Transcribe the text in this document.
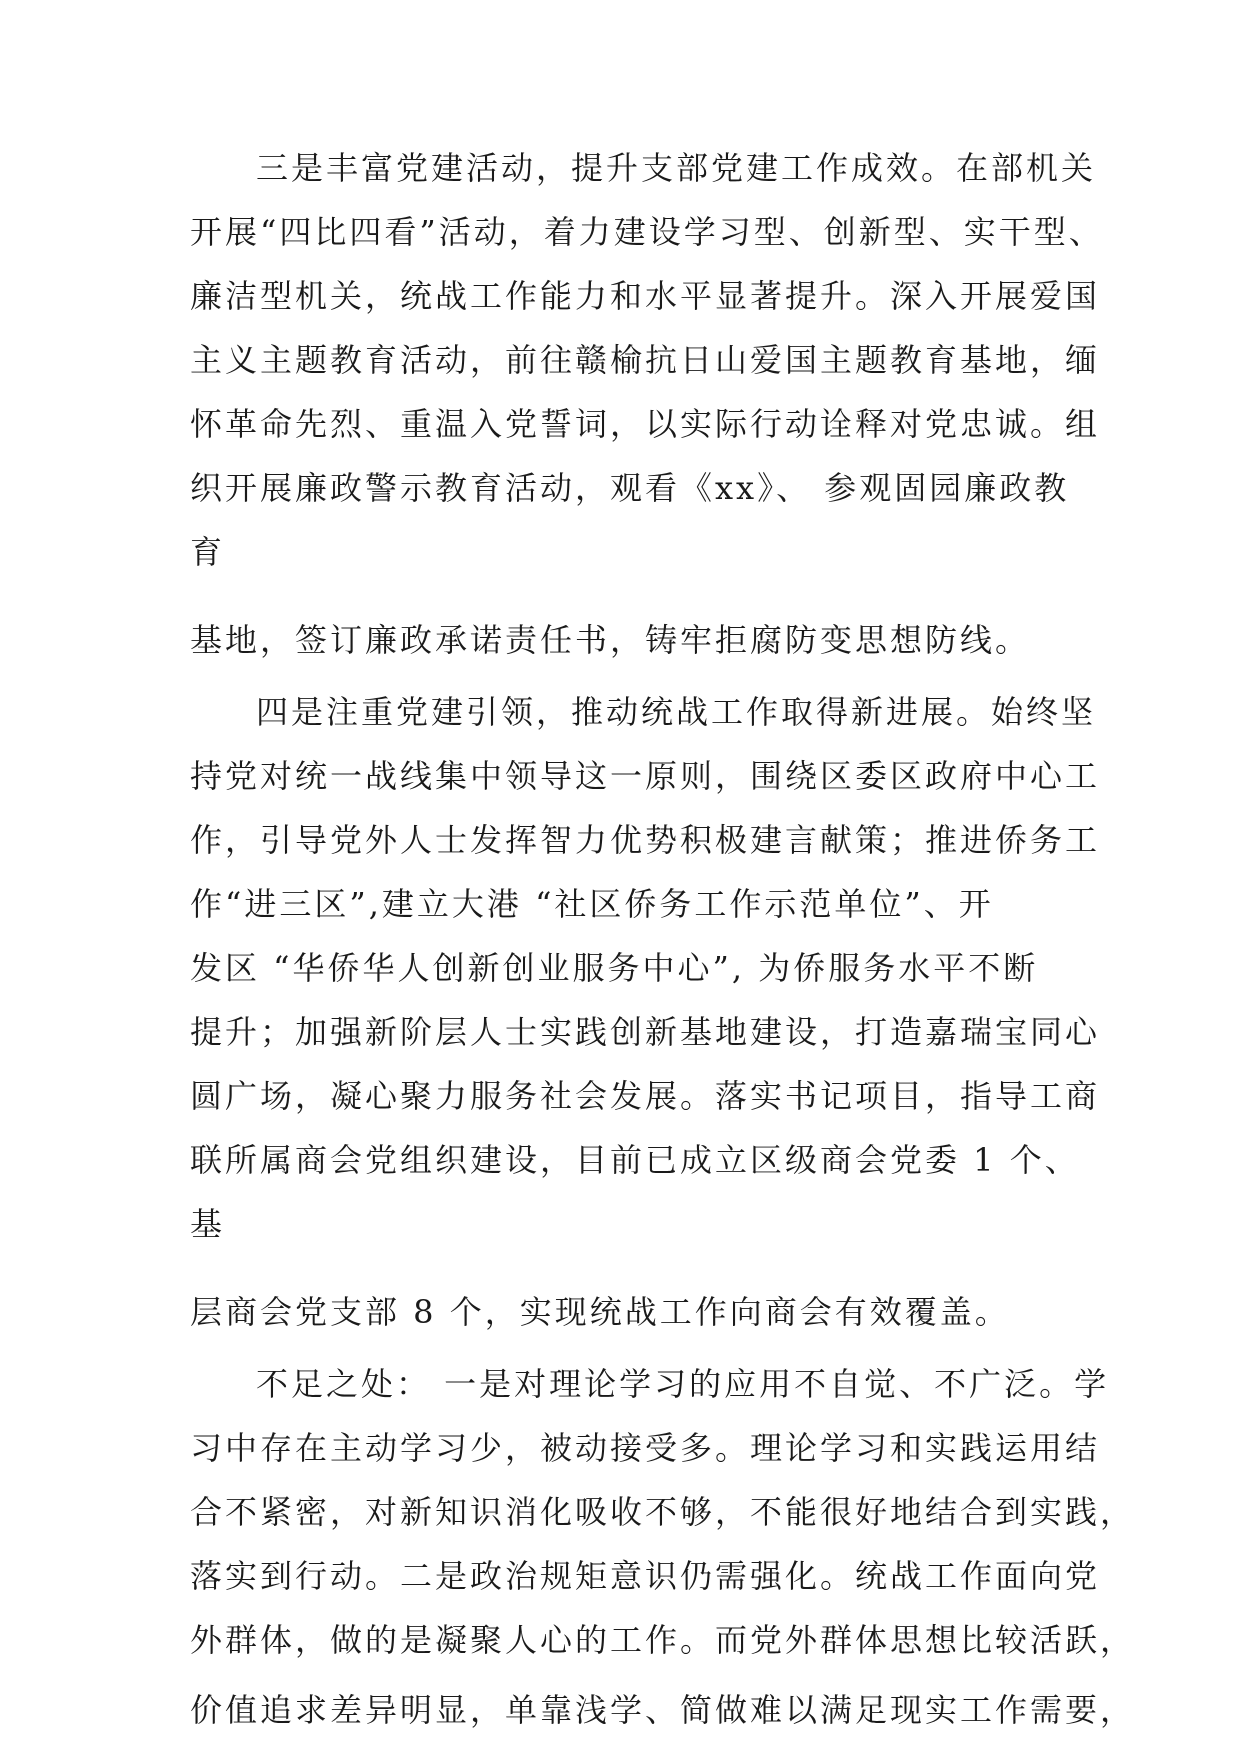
三是丰富党建活动，提升支部党建工作成效。在部机关

开展“四比四看”活动，着力建设学习型、创新型、实干型、

廉洁型机关，统战工作能力和水平显著提升。深入开展爱国

主义主题教育活动，前往赣榆抗日山爱国主题教育基地，缅

怀革命先烈、重温入党誓词，以实际行动诠释对党忠诚。组

织开展廉政警示教育活动，观看《xx》、 参观固园廉政教

育

基地，签订廉政承诺责任书，铸牢拒腐防变思想防线。

四是注重党建引领，推动统战工作取得新进展。始终坚

持党对统一战线集中领导这一原则，围绕区委区政府中心工

作，引导党外人士发挥智力优势积极建言献策；推进侨务工

作“进三区”,建立大港 “社区侨务工作示范单位”、开

发区 “华侨华人创新创业服务中心”, 为侨服务水平不断

提升；加强新阶层人士实践创新基地建设，打造嘉瑞宝同心

圆广场，凝心聚力服务社会发展。落实书记项目，指导工商

联所属商会党组织建设，目前已成立区级商会党委 1 个、

基

层商会党支部 8 个，实现统战工作向商会有效覆盖。

不足之处： 一是对理论学习的应用不自觉、不广泛。学

习中存在主动学习少，被动接受多。理论学习和实践运用结

合不紧密，对新知识消化吸收不够，不能很好地结合到实践，

落实到行动。二是政治规矩意识仍需强化。统战工作面向党

外群体，做的是凝聚人心的工作。而党外群体思想比较活跃，

价值追求差异明显，单靠浅学、简做难以满足现实工作需要，
